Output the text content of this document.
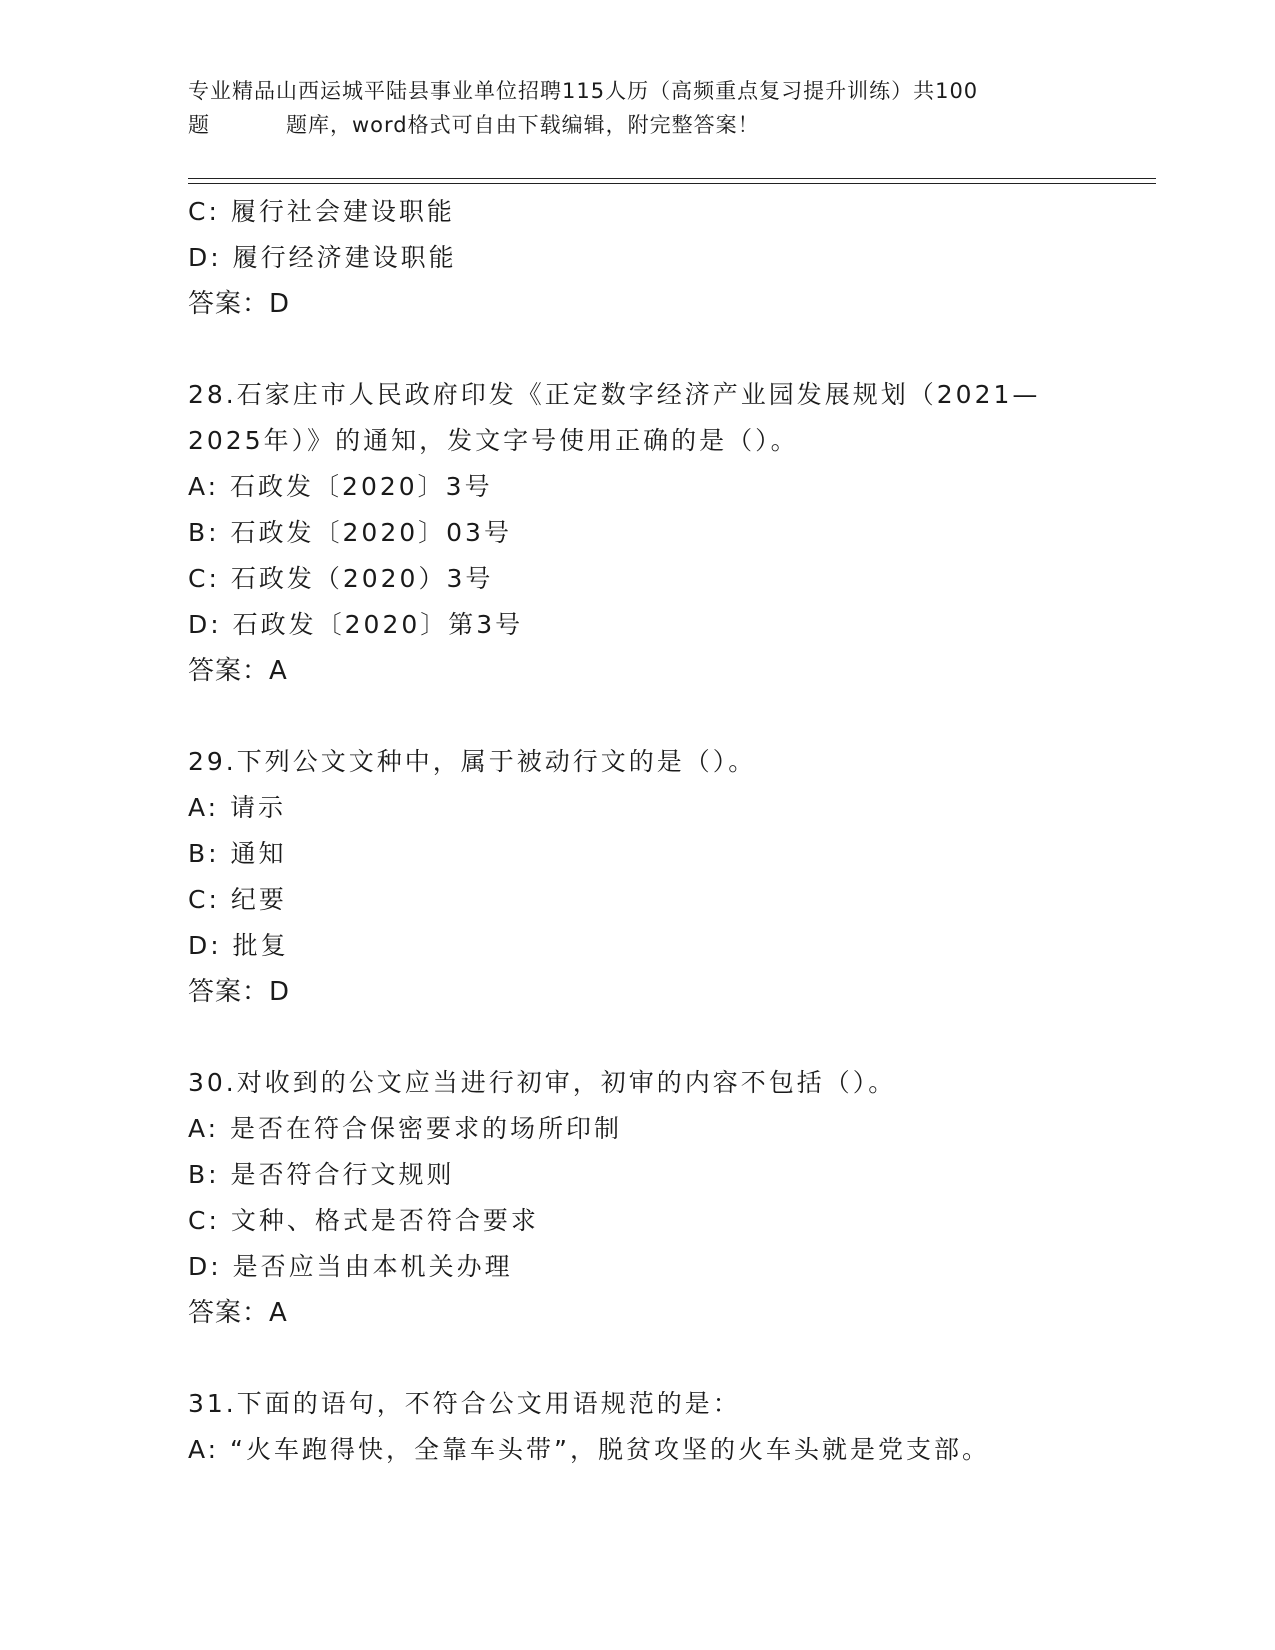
专业精品山西运城平陆县事业单位招聘115人历（高频重点复习提升训练）共100
题	题库，word格式可自由下载编辑，附完整答案！
C: 履行社会建设职能
D: 履行经济建设职能
答案：D
28.石家庄市人民政府印发《正定数字经济产业园发展规划（2021—
2025年）》的通知，发文字号使用正确的是（）。
A: 石政发〔2020〕3号
B: 石政发〔2020〕03号
C: 石政发（2020）3号
D: 石政发〔2020〕第3号
答案：A
29.下列公文文种中，属于被动行文的是（）。
A: 请示
B: 通知
C: 纪要
D: 批复
答案：D
30.对收到的公文应当进行初审，初审的内容不包括（）。
A: 是否在符合保密要求的场所印制
B: 是否符合行文规则
C: 文种、格式是否符合要求
D: 是否应当由本机关办理
答案：A
31.下面的语句，不符合公文用语规范的是：
A: “火车跑得快，全靠车头带”，脱贫攻坚的火车头就是党支部。
